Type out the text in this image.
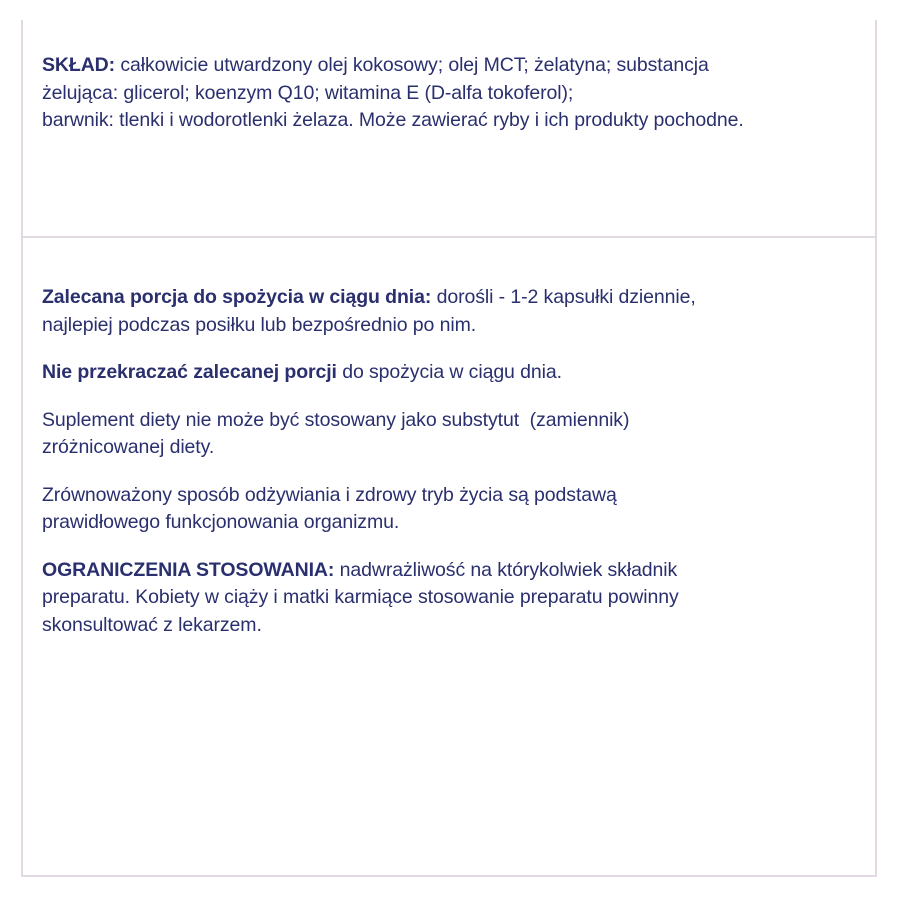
SKŁAD: całkowicie utwardzony olej kokosowy; olej MCT; żelatyna; substancja
żelująca: glicerol; koenzym Q10; witamina E (D-alfa tokoferol);
barwnik: tlenki i wodorotlenki żelaza. Może zawierać ryby i ich produkty pochodne.
Zalecana porcja do spożycia w ciągu dnia: dorośli - 1-2 kapsułki dziennie,
najlepiej podczas posiłku lub bezpośrednio po nim.
Nie przekraczać zalecanej porcji do spożycia w ciągu dnia.
Suplement diety nie może być stosowany jako substytut  (zamiennik)
zróżnicowanej diety.
Zrównoważony sposób odżywiania i zdrowy tryb życia są podstawą
prawidłowego funkcjonowania organizmu.
OGRANICZENIA STOSOWANIA: nadwrażliwość na którykolwiek składnik
preparatu. Kobiety w ciąży i matki karmiące stosowanie preparatu powinny
skonsultować z lekarzem.
